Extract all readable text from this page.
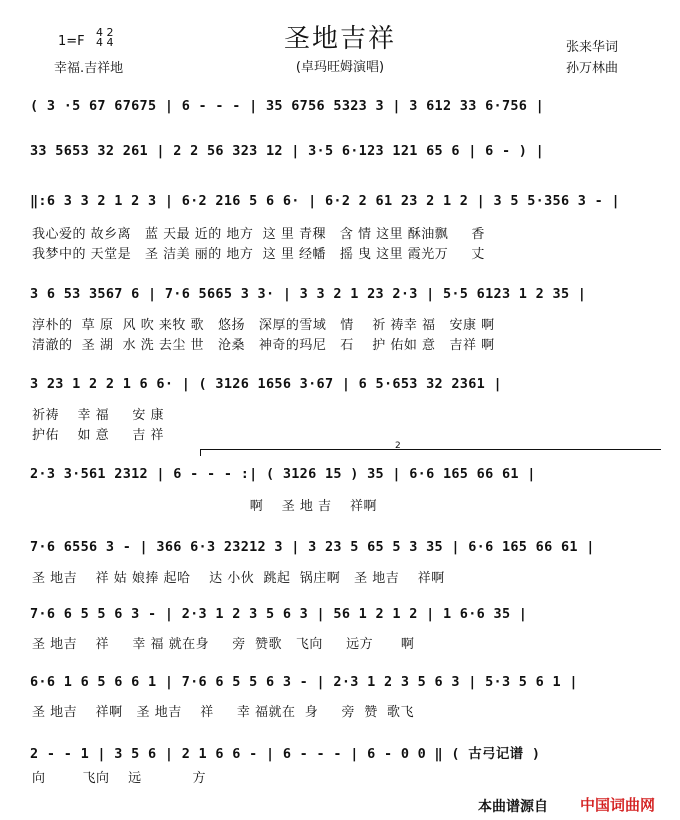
圣地吉祥
1=F
4 2
4 4
幸福.吉祥地	(卓玛旺姆演唱)
张来华词
孙万林曲
( 3 ·5 67 67675 | 6 - - - | 35 6756 5323 3 | 3 612 33 6·756 |
33 5653 32 261 | 2 2 56 323 12 | 3·5 6·123 121 65 6 | 6 - ) |
‖:6 3 3 2 1 2 3 | 6·2 216 5 6 6· | 6·2 2 61 23 2 1 2 | 3 5 5·356 3 - |
我心爱的 故乡离   蓝 天最 近的 地方  这 里 青稞   含 情 这里 酥油飘     香
我梦中的 天堂是   圣 洁美 丽的 地方  这 里 经幡   摇 曳 这里 霞光万     丈
3 6 53 3567 6 | 7·6 5665 3 3· | 3 3 2 1 23 2·3 | 5·5 6123 1 2 35 |
淳朴的  草 原  风 吹 来牧 歌   悠扬   深厚的雪域   情    祈 祷幸 福   安康 啊
清澈的  圣 湖  水 洗 去尘 世   沧桑   神奇的玛尼   石    护 佑如 意   吉祥 啊
3 23 1 2 2 1 6 6· | ( 3126 1656 3·67 | 6 5·653 32 2361 |
祈祷    幸 福     安 康
护佑    如 意     吉 祥
2
2·3 3·561 2312 | 6 - - - :| ( 3126 15 ) 35 | 6·6 165 66 61 |
啊    圣 地 吉    祥啊
7·6 6556 3 - | 366 6·3 23212 3 | 3 23 5 65 5 3 35 | 6·6 165 66 61 |
圣 地吉    祥 姑 娘捧 起哈    达 小伙  跳起  锅庄啊   圣 地吉    祥啊
7·6 6 5 5 6 3 - | 2·3 1 2 3 5 6 3 | 56 1 2 1 2 | 1 6·6 35 |
圣 地吉    祥     幸 福 就在身     旁  赞歌   飞向     远方      啊
6·6 1 6 5 6 6 1 | 7·6 6 5 5 6 3 - | 2·3 1 2 3 5 6 3 | 5·3 5 6 1 |
圣 地吉    祥啊   圣 地吉    祥     幸 福就在  身     旁  赞  歌飞
2 - - 1 | 3 5 6 | 2 1 6 6 - | 6 - - - | 6 - 0 0 ‖ ( 古弓记谱 )
向        飞向    远           方
本曲谱源自 中国词曲网
